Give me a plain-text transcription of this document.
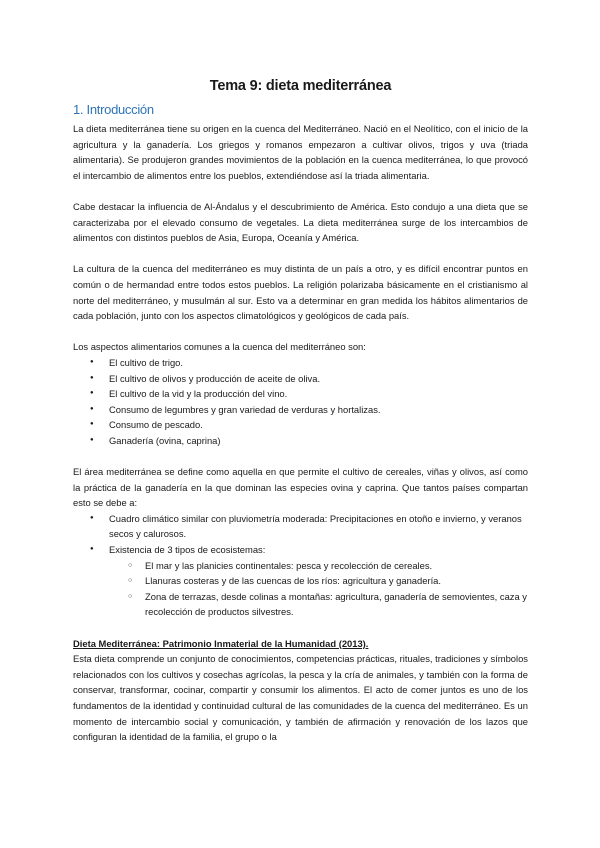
Tema 9: dieta mediterránea
1. Introducción

La dieta mediterránea tiene su origen en la cuenca del Mediterráneo. Nació en el Neolítico, con el inicio de la agricultura y la ganadería. Los griegos y romanos empezaron a cultivar olivos, trigos y uva (triada alimentaria). Se produjeron grandes movimientos de la población en la cuenca mediterránea, lo que provocó el intercambio de alimentos entre los pueblos, extendiéndose así la triada alimentaria.

Cabe destacar la influencia de Al-Ándalus y el descubrimiento de América. Esto condujo a una dieta que se caracterizaba por el elevado consumo de vegetales. La dieta mediterránea surge de los intercambios de alimentos con distintos pueblos de Asia, Europa, Oceanía y América.

La cultura de la cuenca del mediterráneo es muy distinta de un país a otro, y es difícil encontrar puntos en común o de hermandad entre todos estos pueblos. La religión polarizaba básicamente en el cristianismo al norte del mediterráneo, y musulmán al sur. Esto va a determinar en gran medida los hábitos alimentarios de cada población, junto con los aspectos climatológicos y geológicos de cada país.

Los aspectos alimentarios comunes a la cuenca del mediterráneo son:

● El cultivo de trigo.
● El cultivo de olivos y producción de aceite de oliva.
● El cultivo de la vid y la producción del vino.
● Consumo de legumbres y gran variedad de verduras y hortalizas.
● Consumo de pescado.
● Ganadería (ovina, caprina)

El área mediterránea se define como aquella en que permite el cultivo de cereales, viñas y olivos, así como la práctica de la ganadería en la que dominan las especies ovina y caprina. Que tantos países compartan esto se debe a:

● Cuadro climático similar con pluviometría moderada: Precipitaciones en otoño e invierno, y veranos secos y calurosos.
● Existencia de 3 tipos de ecosistemas:
○ El mar y las planicies continentales: pesca y recolección de cereales.
○ Llanuras costeras y de las cuencas de los ríos: agricultura y ganadería.
○ Zona de terrazas, desde colinas a montañas: agricultura, ganadería de semovientes, caza y recolección de productos silvestres.

Dieta Mediterránea: Patrimonio Inmaterial de la Humanidad (2013).

Esta dieta comprende un conjunto de conocimientos, competencias prácticas, rituales, tradiciones y símbolos relacionados con los cultivos y cosechas agrícolas, la pesca y la cría de animales, y también con la forma de conservar, transformar, cocinar, compartir y consumir los alimentos. El acto de comer juntos es uno de los fundamentos de la identidad y continuidad cultural de las comunidades de la cuenca del mediterráneo. Es un momento de intercambio social y comunicación, y también de afirmación y renovación de los lazos que configuran la identidad de la familia, el grupo o la
